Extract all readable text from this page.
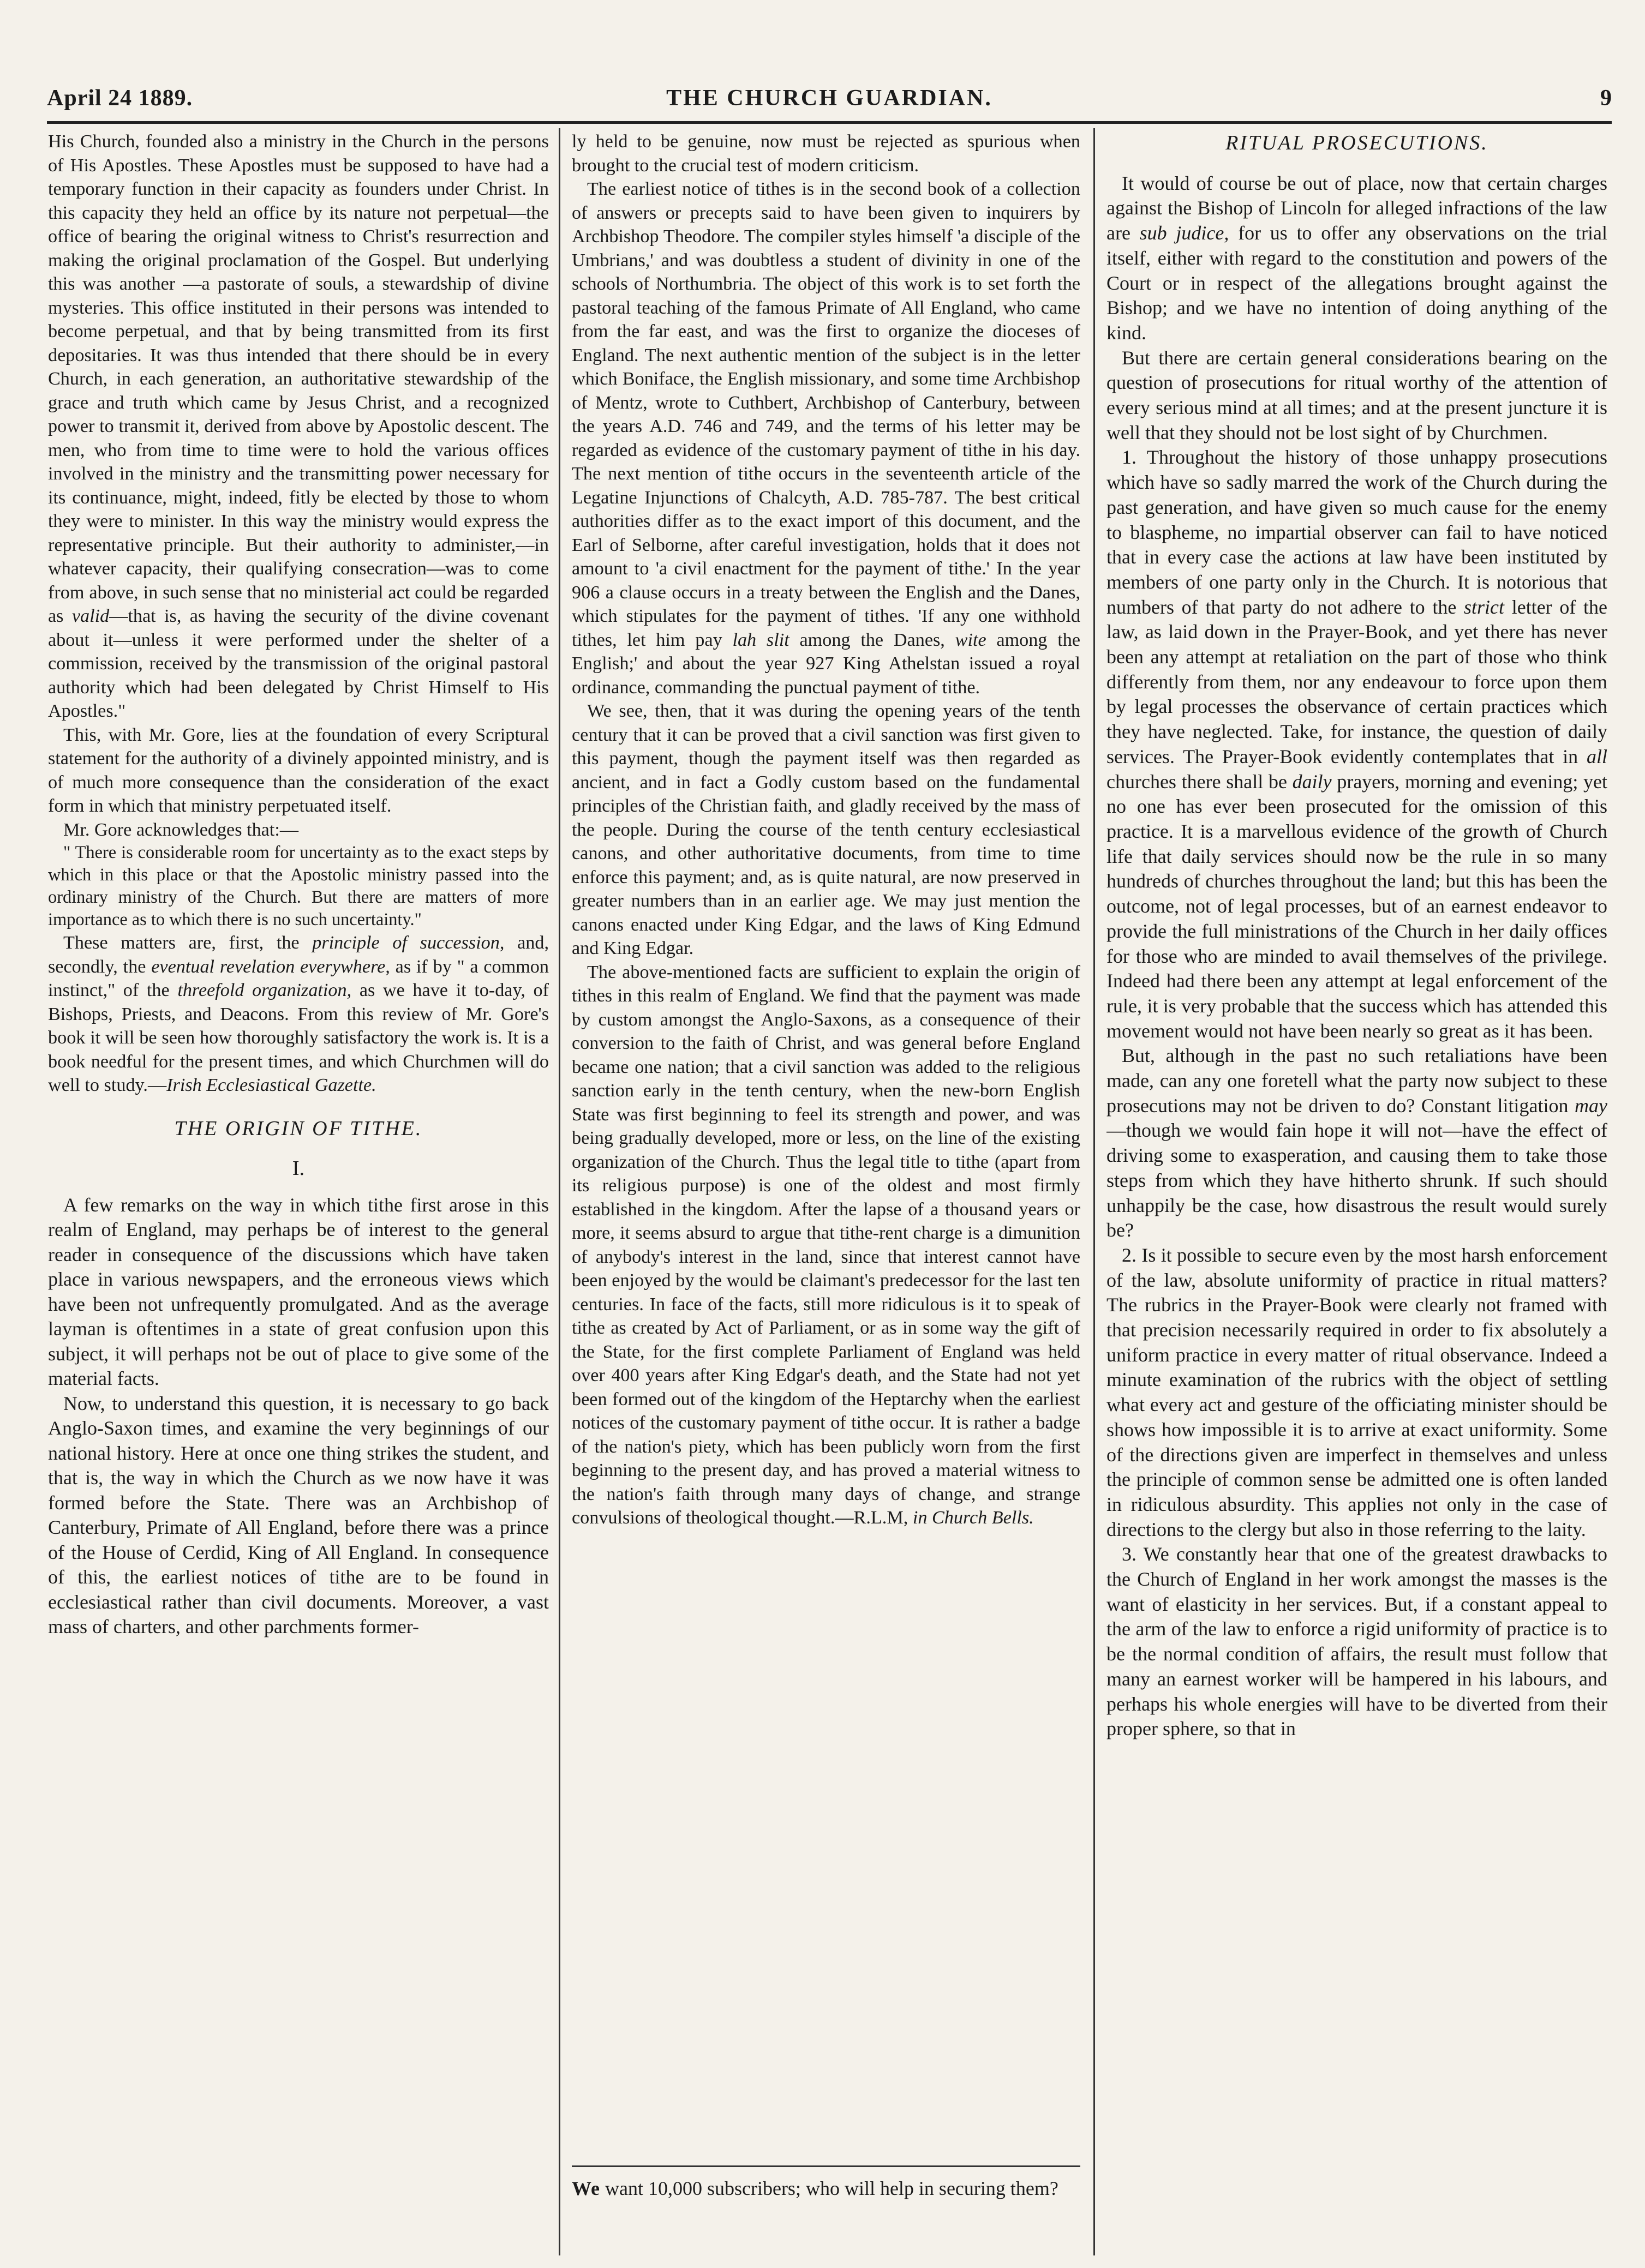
April 24 1889.	THE CHURCH GUARDIAN.	9

His Church, founded also a ministry in the Church in the persons of His Apostles. These Apostles must be supposed to have had a temporary function in their capacity as founders under Christ. In this capacity they held an office by its nature not perpetual—the office of bearing the original witness to Christ's resurrection and making the original proclamation of the Gospel. But underlying this was another —a pastorate of souls, a stewardship of divine mysteries. This office instituted in their persons was intended to become perpetual, and that by being transmitted from its first depositaries. It was thus intended that there should be in every Church, in each generation, an authoritative stewardship of the grace and truth which came by Jesus Christ, and a recognized power to transmit it, derived from above by Apostolic descent. The men, who from time to time were to hold the various offices involved in the ministry and the transmitting power necessary for its continuance, might, indeed, fitly be elected by those to whom they were to minister. In this way the ministry would express the representative principle. But their authority to administer,—in whatever capacity, their qualifying consecration—was to come from above, in such sense that no ministerial act could be regarded as valid—that is, as having the security of the divine covenant about it—unless it were performed under the shelter of a commission, received by the transmission of the original pastoral authority which had been delegated by Christ Himself to His Apostles."

This, with Mr. Gore, lies at the foundation of every Scriptural statement for the authority of a divinely appointed ministry, and is of much more consequence than the consideration of the exact form in which that ministry perpetuated itself.

Mr. Gore acknowledges that:—

" There is considerable room for uncertainty as to the exact steps by which in this place or that the Apostolic ministry passed into the ordinary ministry of the Church. But there are matters of more importance as to which there is no such uncertainty."

These matters are, first, the principle of succession, and, secondly, the eventual revelation everywhere, as if by " a common instinct," of the threefold organization, as we have it to-day, of Bishops, Priests, and Deacons. From this review of Mr. Gore's book it will be seen how thoroughly satisfactory the work is. It is a book needful for the present times, and which Churchmen will do well to study.—Irish Ecclesiastical Gazette.

THE ORIGIN OF TITHE.
I.

A few remarks on the way in which tithe first arose in this realm of England, may perhaps be of interest to the general reader in consequence of the discussions which have taken place in various newspapers, and the erroneous views which have been not unfrequently promulgated. And as the average layman is oftentimes in a state of great confusion upon this subject, it will perhaps not be out of place to give some of the material facts.

Now, to understand this question, it is necessary to go back Anglo-Saxon times, and examine the very beginnings of our national history. Here at once one thing strikes the student, and that is, the way in which the Church as we now have it was formed before the State. There was an Archbishop of Canterbury, Primate of All England, before there was a prince of the House of Cerdid, King of All England. In consequence of this, the earliest notices of tithe are to be found in ecclesiastical rather than civil documents. Moreover, a vast mass of charters, and other parchments former-

ly held to be genuine, now must be rejected as spurious when brought to the crucial test of modern criticism.

The earliest notice of tithes is in the second book of a collection of answers or precepts said to have been given to inquirers by Archbishop Theodore. The compiler styles himself 'a disciple of the Umbrians,' and was doubtless a student of divinity in one of the schools of Northumbria. The object of this work is to set forth the pastoral teaching of the famous Primate of All England, who came from the far east, and was the first to organize the dioceses of England. The next authentic mention of the subject is in the letter which Boniface, the English missionary, and some time Archbishop of Mentz, wrote to Cuthbert, Archbishop of Canterbury, between the years A.D. 746 and 749, and the terms of his letter may be regarded as evidence of the customary payment of tithe in his day. The next mention of tithe occurs in the seventeenth article of the Legatine Injunctions of Chalcyth, A.D. 785-787. The best critical authorities differ as to the exact import of this document, and the Earl of Selborne, after careful investigation, holds that it does not amount to 'a civil enactment for the payment of tithe.' In the year 906 a clause occurs in a treaty between the English and the Danes, which stipulates for the payment of tithes. 'If any one withhold tithes, let him pay lah slit among the Danes, wite among the English;' and about the year 927 King Athelstan issued a royal ordinance, commanding the punctual payment of tithe.

We see, then, that it was during the opening years of the tenth century that it can be proved that a civil sanction was first given to this payment, though the payment itself was then regarded as ancient, and in fact a Godly custom based on the fundamental principles of the Christian faith, and gladly received by the mass of the people. During the course of the tenth century ecclesiastical canons, and other authoritative documents, from time to time enforce this payment; and, as is quite natural, are now preserved in greater numbers than in an earlier age. We may just mention the canons enacted under King Edgar, and the laws of King Edmund and King Edgar.

The above-mentioned facts are sufficient to explain the origin of tithes in this realm of England. We find that the payment was made by custom amongst the Anglo-Saxons, as a consequence of their conversion to the faith of Christ, and was general before England became one nation; that a civil sanction was added to the religious sanction early in the tenth century, when the new-born English State was first beginning to feel its strength and power, and was being gradually developed, more or less, on the line of the existing organization of the Church. Thus the legal title to tithe (apart from its religious purpose) is one of the oldest and most firmly established in the kingdom. After the lapse of a thousand years or more, it seems absurd to argue that tithe-rent charge is a dimunition of anybody's interest in the land, since that interest cannot have been enjoyed by the would be claimant's predecessor for the last ten centuries. In face of the facts, still more ridiculous is it to speak of tithe as created by Act of Parliament, or as in some way the gift of the State, for the first complete Parliament of England was held over 400 years after King Edgar's death, and the State had not yet been formed out of the kingdom of the Heptarchy when the earliest notices of the customary payment of tithe occur. It is rather a badge of the nation's piety, which has been publicly worn from the first beginning to the present day, and has proved a material witness to the nation's faith through many days of change, and strange convulsions of theological thought.—R.L.M, in Church Bells.

We want 10,000 subscribers; who will help in securing them?
RITUAL PROSECUTIONS.

It would of course be out of place, now that certain charges against the Bishop of Lincoln for alleged infractions of the law are sub judice, for us to offer any observations on the trial itself, either with regard to the constitution and powers of the Court or in respect of the allegations brought against the Bishop; and we have no intention of doing anything of the kind.

But there are certain general considerations bearing on the question of prosecutions for ritual worthy of the attention of every serious mind at all times; and at the present juncture it is well that they should not be lost sight of by Churchmen.

1. Throughout the history of those unhappy prosecutions which have so sadly marred the work of the Church during the past generation, and have given so much cause for the enemy to blaspheme, no impartial observer can fail to have noticed that in every case the actions at law have been instituted by members of one party only in the Church. It is notorious that numbers of that party do not adhere to the strict letter of the law, as laid down in the Prayer-Book, and yet there has never been any attempt at retaliation on the part of those who think differently from them, nor any endeavour to force upon them by legal processes the observance of certain practices which they have neglected. Take, for instance, the question of daily services. The Prayer-Book evidently contemplates that in all churches there shall be daily prayers, morning and evening; yet no one has ever been prosecuted for the omission of this practice. It is a marvellous evidence of the growth of Church life that daily services should now be the rule in so many hundreds of churches throughout the land; but this has been the outcome, not of legal processes, but of an earnest endeavor to provide the full ministrations of the Church in her daily offices for those who are minded to avail themselves of the privilege. Indeed had there been any attempt at legal enforcement of the rule, it is very probable that the success which has attended this movement would not have been nearly so great as it has been.

But, although in the past no such retaliations have been made, can any one foretell what the party now subject to these prosecutions may not be driven to do? Constant litigation may—though we would fain hope it will not—have the effect of driving some to exasperation, and causing them to take those steps from which they have hitherto shrunk. If such should unhappily be the case, how disastrous the result would surely be?

2. Is it possible to secure even by the most harsh enforcement of the law, absolute uniformity of practice in ritual matters? The rubrics in the Prayer-Book were clearly not framed with that precision necessarily required in order to fix absolutely a uniform practice in every matter of ritual observance. Indeed a minute examination of the rubrics with the object of settling what every act and gesture of the officiating minister should be shows how impossible it is to arrive at exact uniformity. Some of the directions given are imperfect in themselves and unless the principle of common sense be admitted one is often landed in ridiculous absurdity. This applies not only in the case of directions to the clergy but also in those referring to the laity.

3. We constantly hear that one of the greatest drawbacks to the Church of England in her work amongst the masses is the want of elasticity in her services. But, if a constant appeal to the arm of the law to enforce a rigid uniformity of practice is to be the normal condition of affairs, the result must follow that many an earnest worker will be hampered in his labours, and perhaps his whole energies will have to be diverted from their proper sphere, so that in
